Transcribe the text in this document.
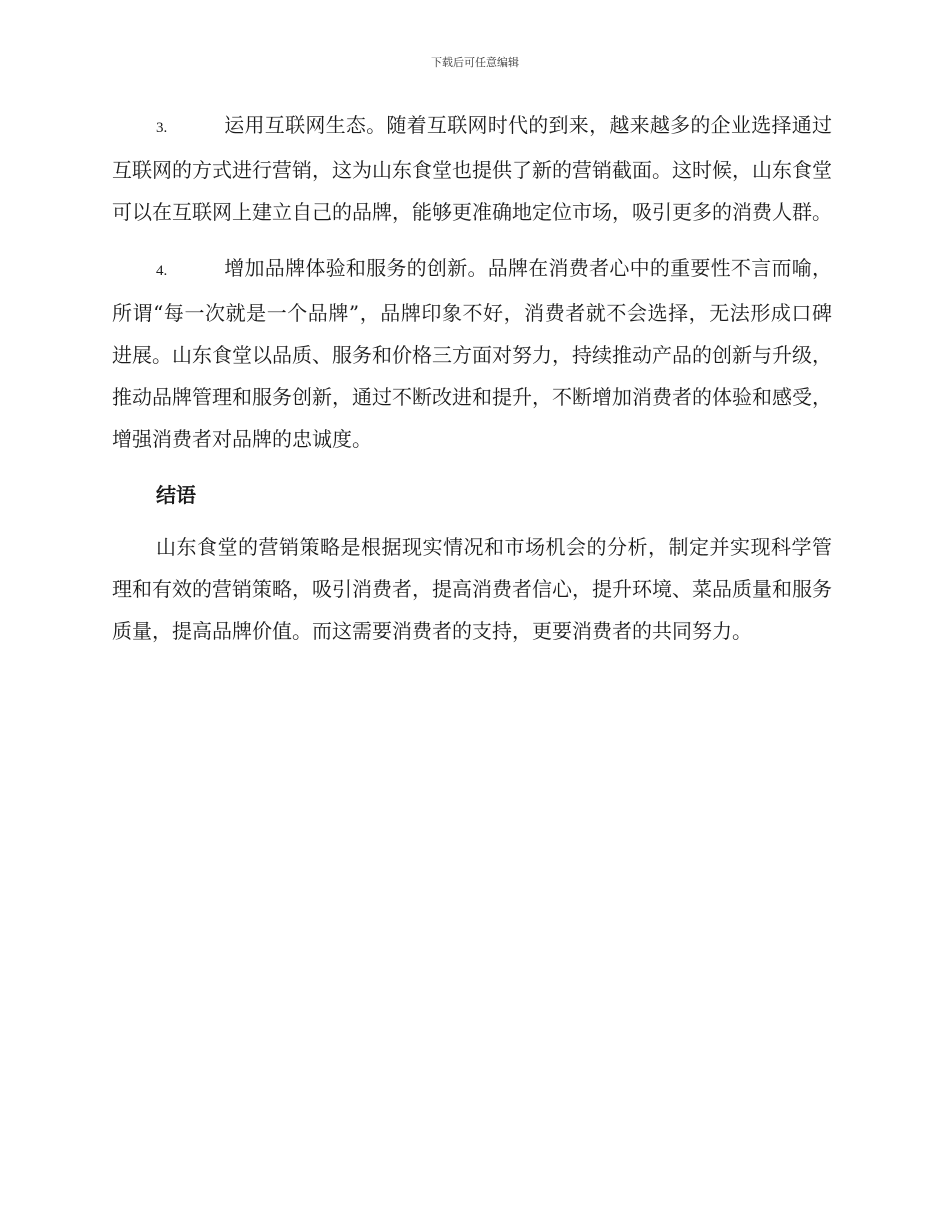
下载后可任意编辑

3.	运用互联网生态。随着互联网时代的到来，越来越多的企业选择通过互联网的方式进行营销，这为山东食堂也提供了新的营销截面。这时候，山东食堂可以在互联网上建立自己的品牌，能够更准确地定位市场，吸引更多的消费人群。

4.	增加品牌体验和服务的创新。品牌在消费者心中的重要性不言而喻，所谓“每一次就是一个品牌”，品牌印象不好，消费者就不会选择，无法形成口碑进展。山东食堂以品质、服务和价格三方面对努力，持续推动产品的创新与升级，推动品牌管理和服务创新，通过不断改进和提升，不断增加消费者的体验和感受，增强消费者对品牌的忠诚度。

结语

山东食堂的营销策略是根据现实情况和市场机会的分析，制定并实现科学管理和有效的营销策略，吸引消费者，提高消费者信心，提升环境、菜品质量和服务质量，提高品牌价值。而这需要消费者的支持，更要消费者的共同努力。
